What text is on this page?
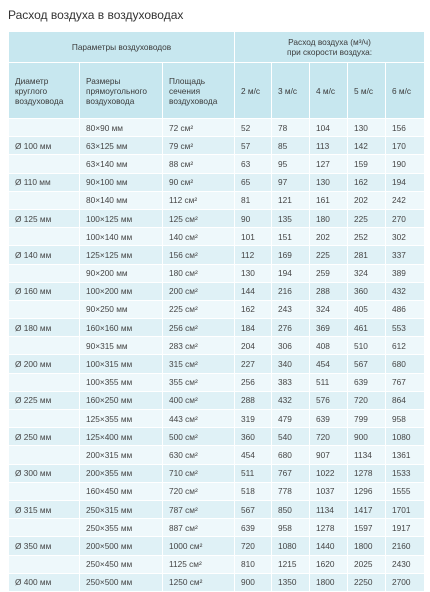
Расход воздуха в воздуховодах
Параметры воздуховодов			Расход воздуха (м³/ч)
при скорости воздуха:				
Диаметр круглого воздуховода	Размеры прямоугольного воздуховода	Площадь сечения воздуховода	2 м/с	3 м/с	4 м/с	5 м/с	6 м/с
	80×90 мм	72 см²	52	78	104	130	156
Ø 100 мм	63×125 мм	79 см²	57	85	113	142	170
	63×140 мм	88 см²	63	95	127	159	190
Ø 110 мм	90×100 мм	90 см²	65	97	130	162	194
	80×140 мм	112 см²	81	121	161	202	242
Ø 125 мм	100×125 мм	125 см²	90	135	180	225	270
	100×140 мм	140 см²	101	151	202	252	302
Ø 140 мм	125×125 мм	156 см²	112	169	225	281	337
	90×200 мм	180 см²	130	194	259	324	389
Ø 160 мм	100×200 мм	200 см²	144	216	288	360	432
	90×250 мм	225 см²	162	243	324	405	486
Ø 180 мм	160×160 мм	256 см²	184	276	369	461	553
	90×315 мм	283 см²	204	306	408	510	612
Ø 200 мм	100×315 мм	315 см²	227	340	454	567	680
	100×355 мм	355 см²	256	383	511	639	767
Ø 225 мм	160×250 мм	400 см²	288	432	576	720	864
	125×355 мм	443 см²	319	479	639	799	958
Ø 250 мм	125×400 мм	500 см²	360	540	720	900	1080
	200×315 мм	630 см²	454	680	907	1134	1361
Ø 300 мм	200×355 мм	710 см²	511	767	1022	1278	1533
	160×450 мм	720 см²	518	778	1037	1296	1555
Ø 315 мм	250×315 мм	787 см²	567	850	1134	1417	1701
	250×355 мм	887 см²	639	958	1278	1597	1917
Ø 350 мм	200×500 мм	1000 см²	720	1080	1440	1800	2160
	250×450 мм	1125 см²	810	1215	1620	2025	2430
Ø 400 мм	250×500 мм	1250 см²	900	1350	1800	2250	2700
